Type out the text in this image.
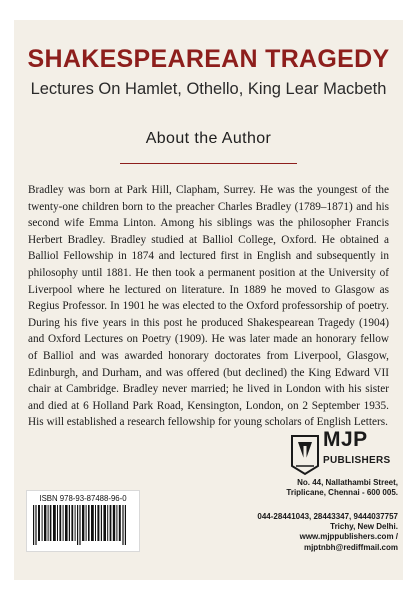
SHAKESPEAREAN TRAGEDY
Lectures On Hamlet, Othello, King Lear Macbeth
About the Author
Bradley was born at Park Hill, Clapham, Surrey. He was the youngest of the twenty-one children born to the preacher Charles Bradley (1789–1871) and his second wife Emma Linton. Among his siblings was the philosopher Francis Herbert Bradley. Bradley studied at Balliol College, Oxford. He obtained a Balliol Fellowship in 1874 and lectured first in English and subsequently in philosophy until 1881. He then took a permanent position at the University of Liverpool where he lectured on literature. In 1889 he moved to Glasgow as Regius Professor. In 1901 he was elected to the Oxford professorship of poetry. During his five years in this post he produced Shakespearean Tragedy (1904) and Oxford Lectures on Poetry (1909). He was later made an honorary fellow of Balliol and was awarded honorary doctorates from Liverpool, Glasgow, Edinburgh, and Durham, and was offered (but declined) the King Edward VII chair at Cambridge. Bradley never married; he lived in London with his sister and died at 6 Holland Park Road, Kensington, London, on 2 September 1935. His will established a research fellowship for young scholars of English Letters.
ISBN 978-93-87488-96-0
MJP
PUBLISHERS
No. 44, Nallathambi Street,
Triplicane, Chennai - 600 005.
044-28441043, 28443347, 9444037757
Trichy, New Delhi.
www.mjppublishers.com /
mjptnbh@rediffmail.com
